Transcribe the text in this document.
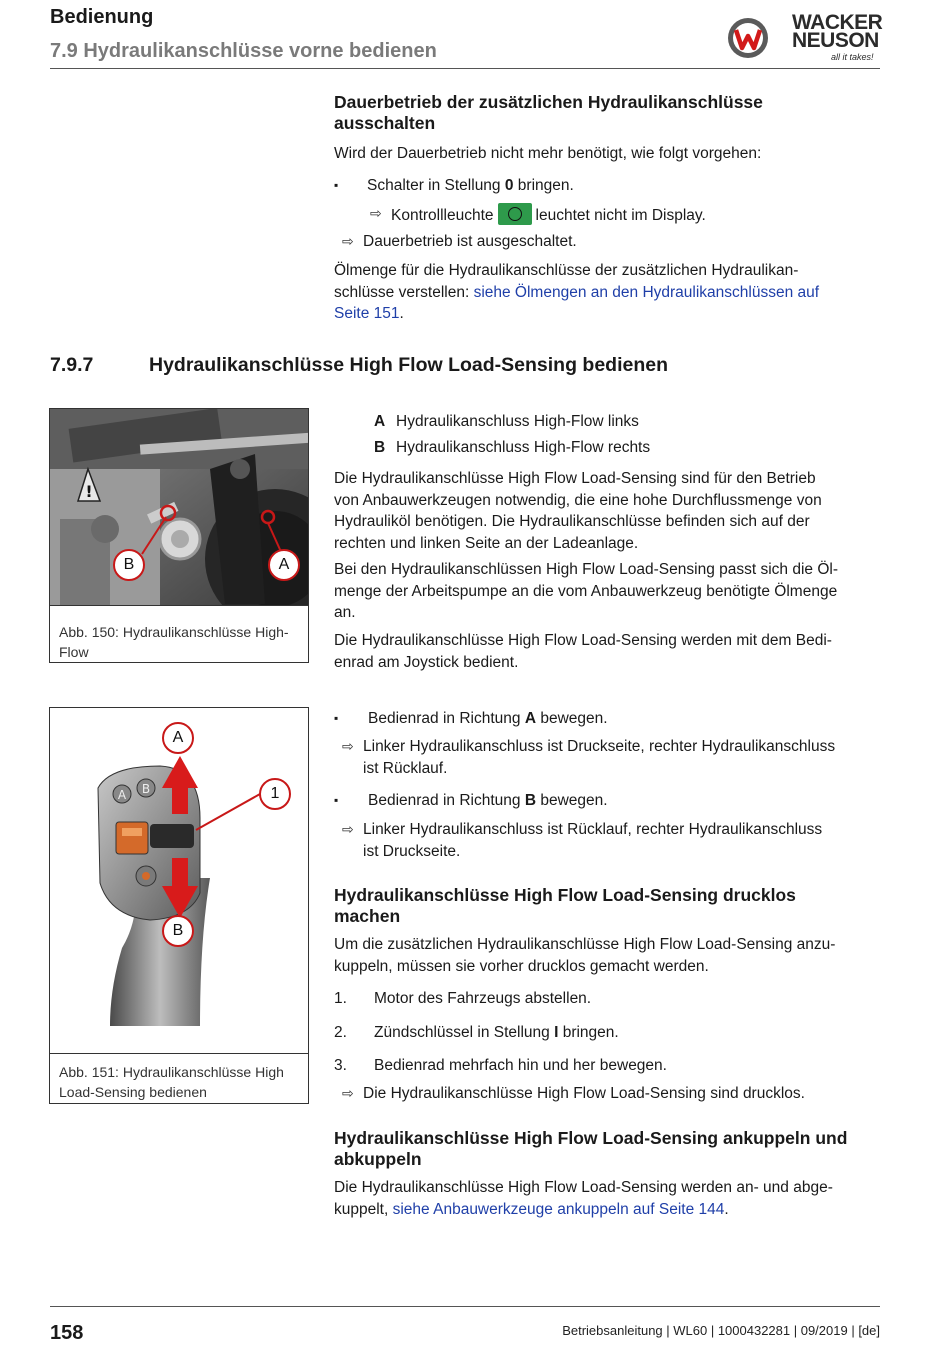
Bedienung
7.9 Hydraulikanschlüsse vorne bedienen
WACKER
NEUSON
all it takes!
Dauerbetrieb der zusätzlichen Hydraulikanschlüsse
ausschalten
Wird der Dauerbetrieb nicht mehr benötigt, wie folgt vorgehen:
▪ Schalter in Stellung 0 bringen.
⇨ Kontrollleuchte	leuchtet nicht im Display.
⇨ Dauerbetrieb ist ausgeschaltet.
Ölmenge für die Hydraulikanschlüsse der zusätzlichen Hydraulikan-
schlüsse verstellen: siehe Ölmengen an den Hydraulikanschlüssen auf
Seite 151.
7.9.7	Hydraulikanschlüsse High Flow Load-Sensing bedienen
!
B	A
Abb. 150: Hydraulikanschlüsse High-
Flow
A Hydraulikanschluss High-Flow links
B Hydraulikanschluss High-Flow rechts
Die Hydraulikanschlüsse High Flow Load-Sensing sind für den Betrieb
von Anbauwerkzeugen notwendig, die eine hohe Durchflussmenge von
Hydrauliköl benötigen. Die Hydraulikanschlüsse befinden sich auf der
rechten und linken Seite an der Ladeanlage.
Bei den Hydraulikanschlüssen High Flow Load-Sensing passt sich die Öl-
menge der Arbeitspumpe an die vom Anbauwerkzeug benötigte Ölmenge
an.
Die Hydraulikanschlüsse High Flow Load-Sensing werden mit dem Bedi-
enrad am Joystick bedient.
A B
A
1
B
Abb. 151: Hydraulikanschlüsse High
Load-Sensing bedienen
▪ Bedienrad in Richtung A bewegen.
⇨ Linker Hydraulikanschluss ist Druckseite, rechter Hydraulikanschluss
ist Rücklauf.
▪ Bedienrad in Richtung B bewegen.
⇨ Linker Hydraulikanschluss ist Rücklauf, rechter Hydraulikanschluss
ist Druckseite.
Hydraulikanschlüsse High Flow Load-Sensing drucklos
machen
Um die zusätzlichen Hydraulikanschlüsse High Flow Load-Sensing anzu-
kuppeln, müssen sie vorher drucklos gemacht werden.
1. Motor des Fahrzeugs abstellen.
2. Zündschlüssel in Stellung I bringen.
3. Bedienrad mehrfach hin und her bewegen.
⇨ Die Hydraulikanschlüsse High Flow Load-Sensing sind drucklos.
Hydraulikanschlüsse High Flow Load-Sensing ankuppeln und
abkuppeln
Die Hydraulikanschlüsse High Flow Load-Sensing werden an- und abge-
kuppelt, siehe Anbauwerkzeuge ankuppeln auf Seite 144.
158	Betriebsanleitung | WL60 | 1000432281 | 09/2019 | [de]
